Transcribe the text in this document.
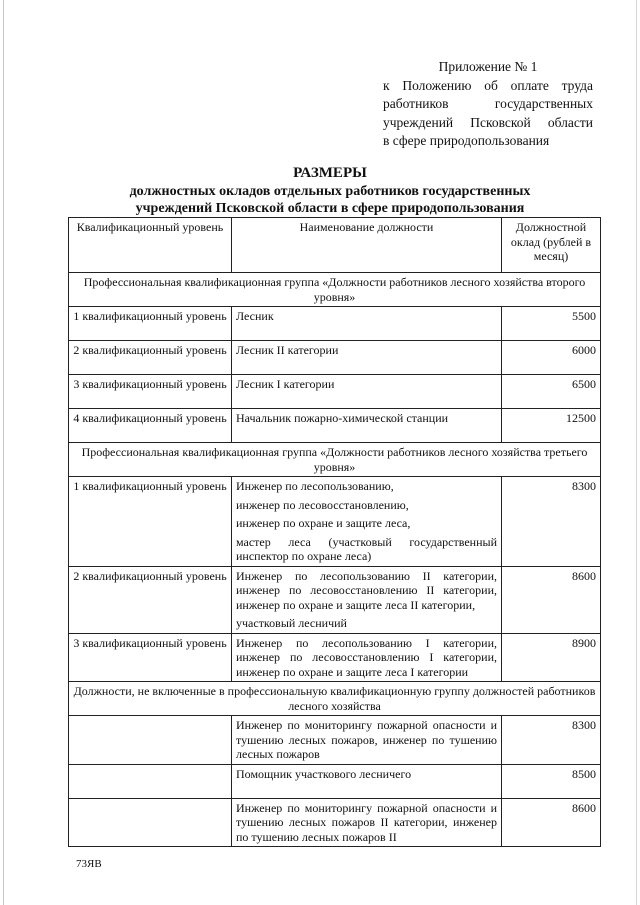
Приложение № 1
к Положению об оплате труда
работников государственных
учреждений Псковской области
в сфере природопользования
РАЗМЕРЫ
должностных окладов отдельных работников государственных
учреждений Псковской области в сфере природопользования
Квалификационный уровень	Наименование должности	Должностной оклад (рублей в месяц)
Профессиональная квалификационная группа «Должности работников лесного хозяйства второго уровня»		
1 квалификационный уровень	Лесник	5500
2 квалификационный уровень	Лесник II категории	6000
3 квалификационный уровень	Лесник I категории	6500
4 квалификационный уровень	Начальник пожарно-химической станции	12500
Профессиональная квалификационная группа «Должности работников лесного хозяйства третьего уровня»		
1 квалификационный уровень	Инженер по лесопользованию,
инженер по лесовосстановлению,
инженер по охране и защите леса,
мастер леса (участковый государственный инспектор по охране леса)	8300
2 квалификационный уровень	Инженер по лесопользованию II категории, инженер по лесовосстановлению II категории, инженер по охране и защите леса II категории,
участковый лесничий	8600
3 квалификационный уровень	Инженер по лесопользованию I категории, инженер по лесовосстановлению I категории, инженер по охране и защите леса I категории	8900
Должности, не включенные в профессиональную квалификационную группу должностей работников лесного хозяйства		
	Инженер по мониторингу пожарной опасности и тушению лесных пожаров, инженер по тушению лесных пожаров	8300
	Помощник участкового лесничего	8500
	Инженер по мониторингу пожарной опасности и тушению лесных пожаров II категории, инженер по тушению лесных пожаров II	8600
73ЯВ
